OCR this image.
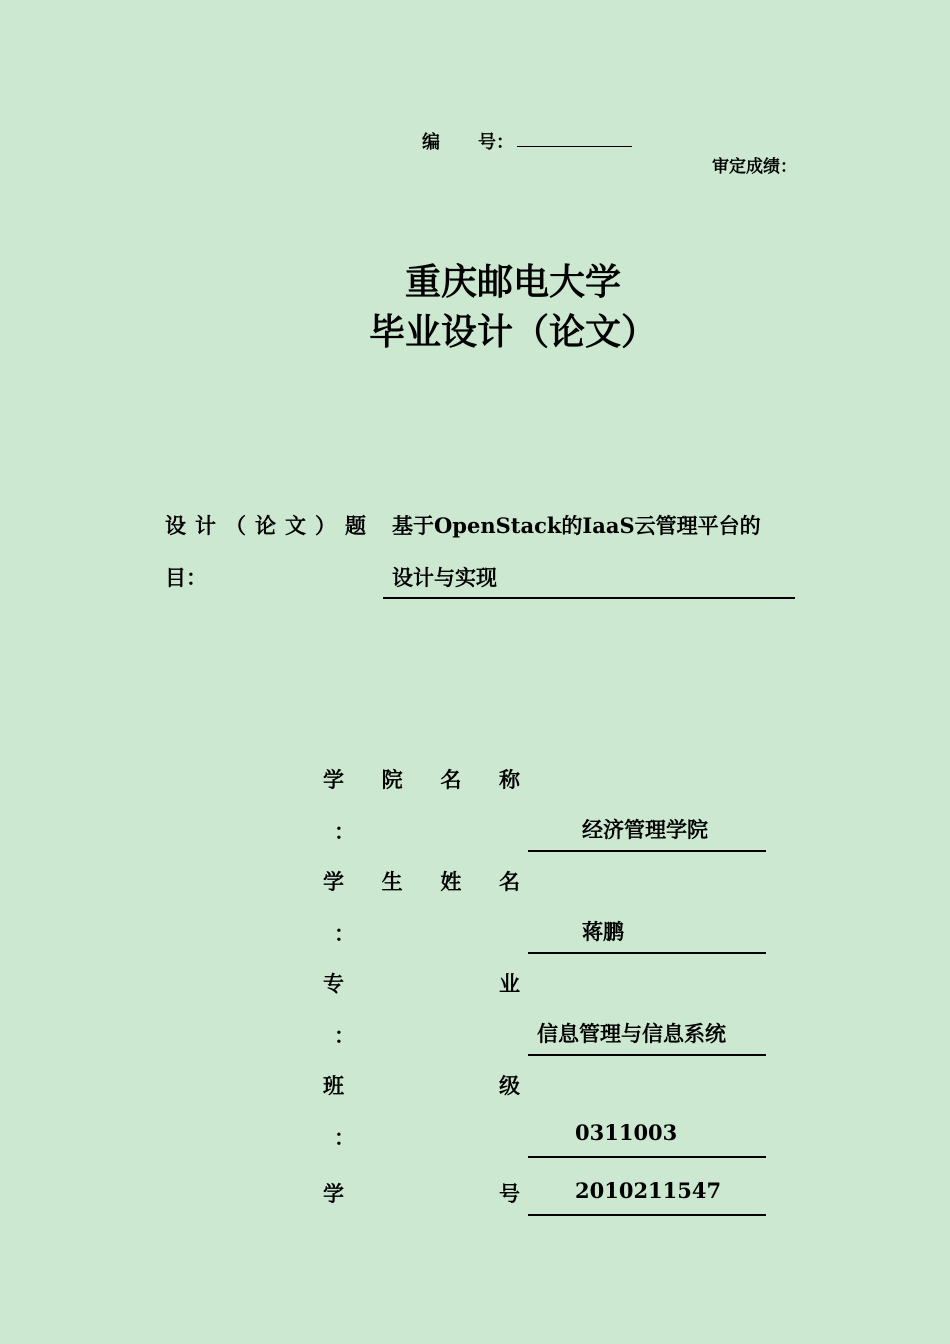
编 号：
审定成绩：
重庆邮电大学
毕业设计（论文）
设计（论文）题
目：
基于OpenStack的IaaS云管理平台的
设计与实现
学 院 名 称
：	经济管理学院
学 生 姓 名
：	蒋鹏
专	业
：	信息管理与信息系统
班	级
：	0311003
学	号	2010211547
